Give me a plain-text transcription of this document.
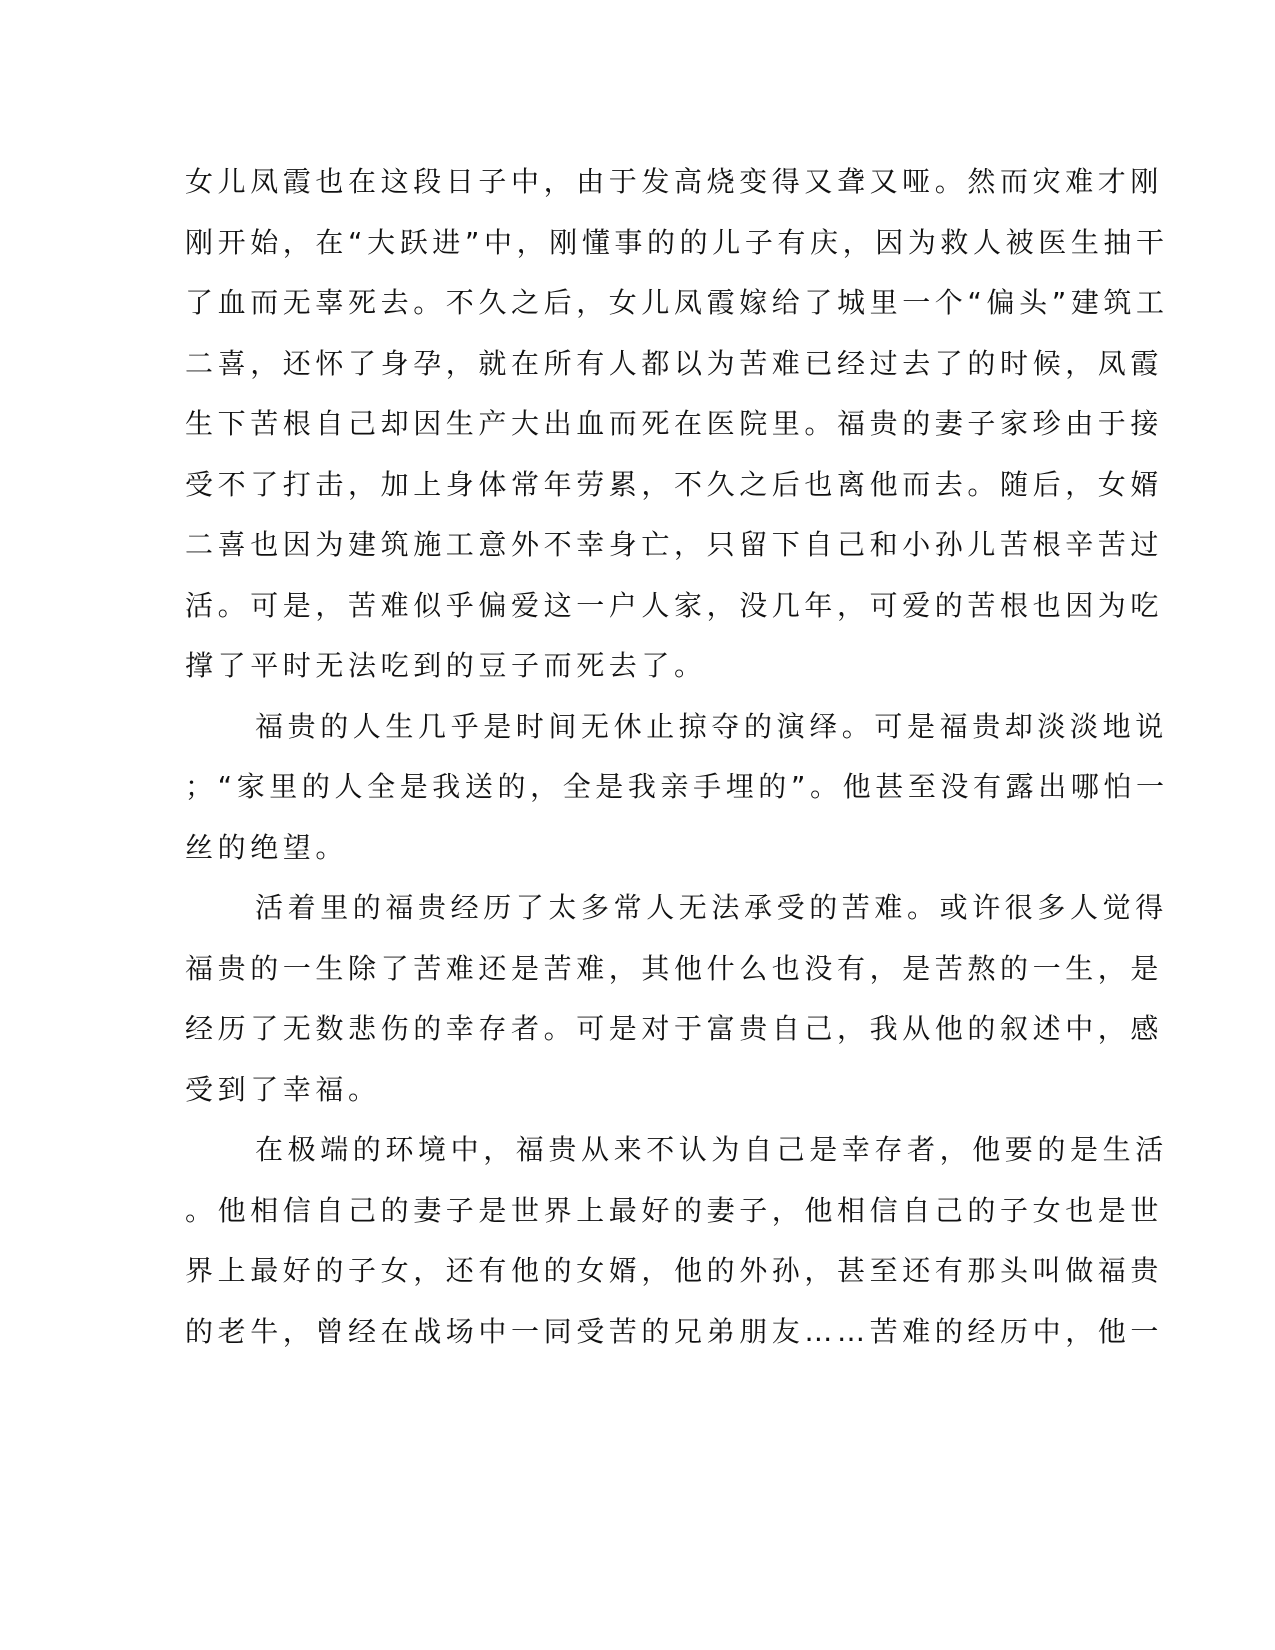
女儿凤霞也在这段日子中，由于发高烧变得又聋又哑。然而灾难才刚
刚开始，在“大跃进”中，刚懂事的的儿子有庆，因为救人被医生抽干
了血而无辜死去。不久之后，女儿凤霞嫁给了城里一个“偏头”建筑工
二喜，还怀了身孕，就在所有人都以为苦难已经过去了的时候，凤霞
生下苦根自己却因生产大出血而死在医院里。福贵的妻子家珍由于接
受不了打击，加上身体常年劳累，不久之后也离他而去。随后，女婿
二喜也因为建筑施工意外不幸身亡，只留下自己和小孙儿苦根辛苦过
活。可是，苦难似乎偏爱这一户人家，没几年，可爱的苦根也因为吃
撑了平时无法吃到的豆子而死去了。
福贵的人生几乎是时间无休止掠夺的演绎。可是福贵却淡淡地说
；“家里的人全是我送的，全是我亲手埋的”。他甚至没有露出哪怕一
丝的绝望。
活着里的福贵经历了太多常人无法承受的苦难。或许很多人觉得
福贵的一生除了苦难还是苦难，其他什么也没有，是苦熬的一生，是
经历了无数悲伤的幸存者。可是对于富贵自己，我从他的叙述中，感
受到了幸福。
在极端的环境中，福贵从来不认为自己是幸存者，他要的是生活
。他相信自己的妻子是世界上最好的妻子，他相信自己的子女也是世
界上最好的子女，还有他的女婿，他的外孙，甚至还有那头叫做福贵
的老牛，曾经在战场中一同受苦的兄弟朋友……苦难的经历中，他一
